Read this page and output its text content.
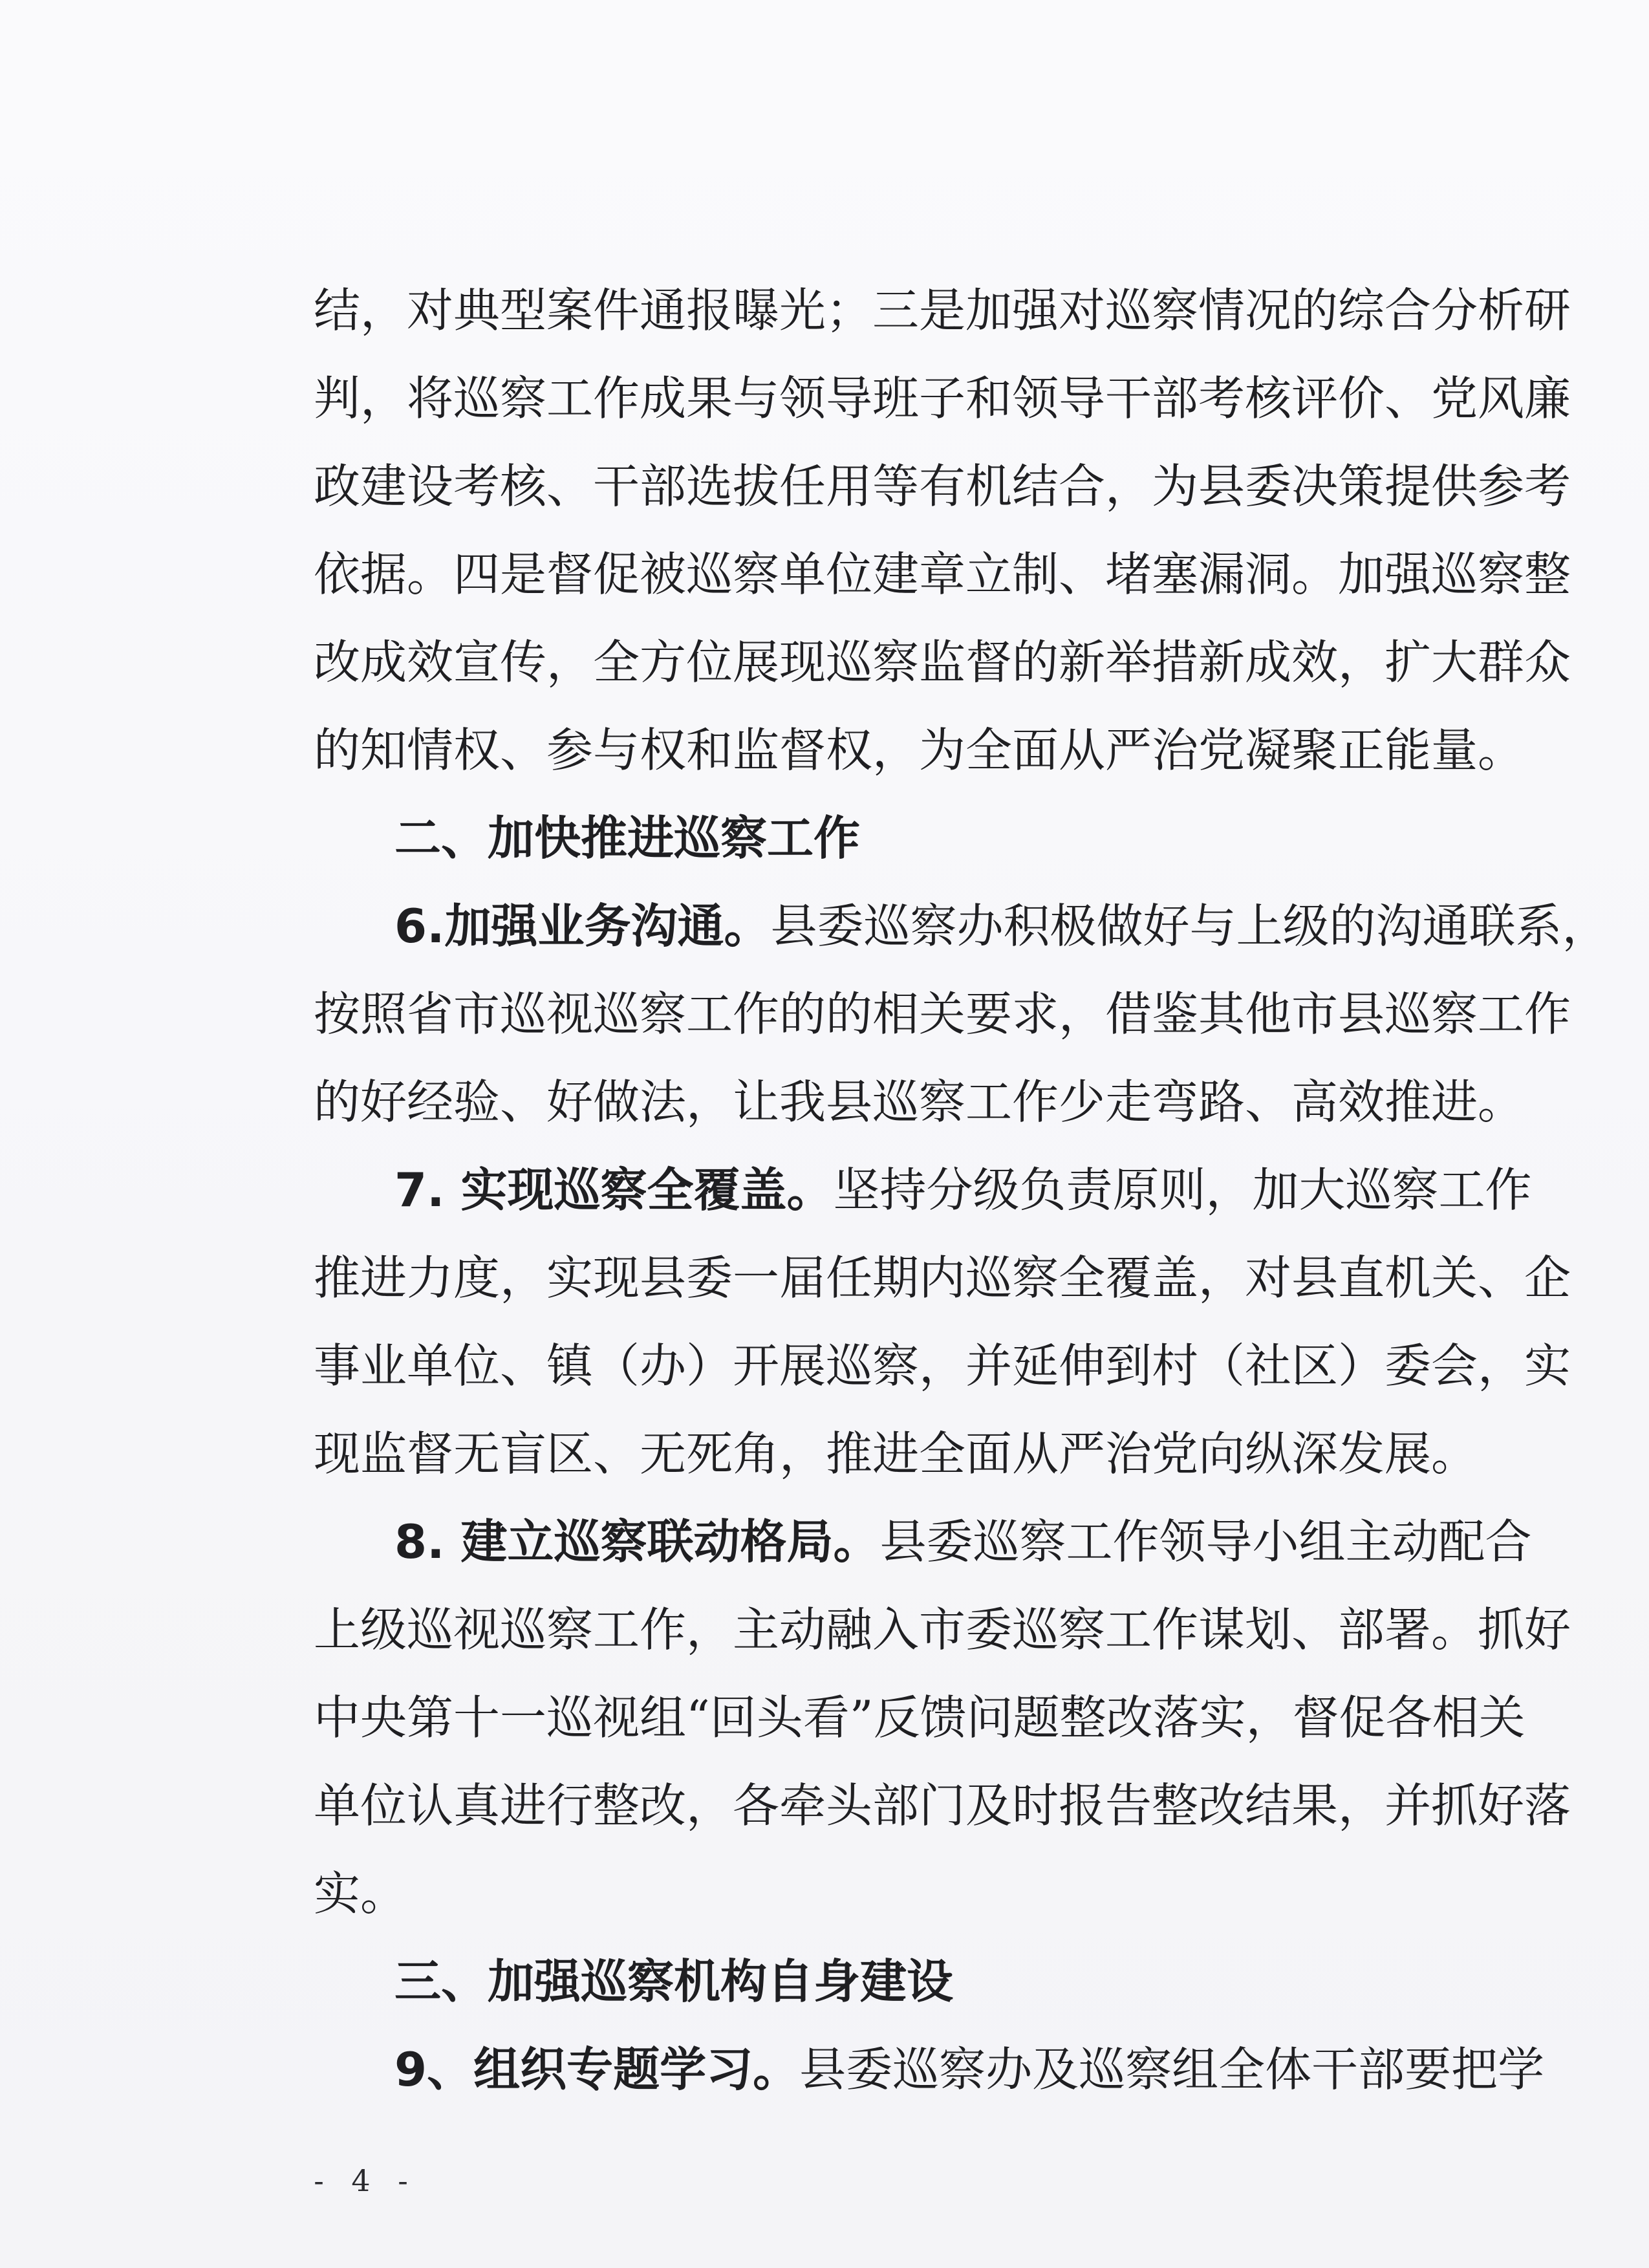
结，对典型案件通报曝光；三是加强对巡察情况的综合分析研
判，将巡察工作成果与领导班子和领导干部考核评价、党风廉
政建设考核、干部选拔任用等有机结合，为县委决策提供参考
依据。四是督促被巡察单位建章立制、堵塞漏洞。加强巡察整
改成效宣传，全方位展现巡察监督的新举措新成效，扩大群众
的知情权、参与权和监督权，为全面从严治党凝聚正能量。
二、加快推进巡察工作
6.加强业务沟通。县委巡察办积极做好与上级的沟通联系，
按照省市巡视巡察工作的的相关要求，借鉴其他市县巡察工作
的好经验、好做法，让我县巡察工作少走弯路、高效推进。
7. 实现巡察全覆盖。坚持分级负责原则，加大巡察工作
推进力度，实现县委一届任期内巡察全覆盖，对县直机关、企
事业单位、镇（办）开展巡察，并延伸到村（社区）委会，实
现监督无盲区、无死角，推进全面从严治党向纵深发展。
8. 建立巡察联动格局。县委巡察工作领导小组主动配合
上级巡视巡察工作，主动融入市委巡察工作谋划、部署。抓好
中央第十一巡视组“回头看”反馈问题整改落实，督促各相关
单位认真进行整改，各牵头部门及时报告整改结果，并抓好落
实。
三、加强巡察机构自身建设
9、组织专题学习。县委巡察办及巡察组全体干部要把学
- 4 -
